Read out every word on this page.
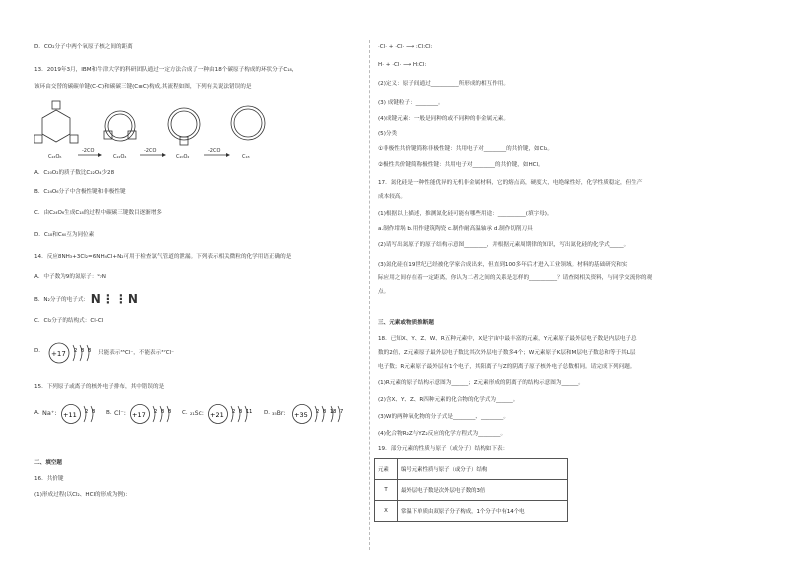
D．CO₂分子中两个氧原子核之间的距离
13．2019年3月，IBM和牛津大学的科研团队通过一定方法合成了一种由18个碳原子构成的环状分子C₁₈，
该环由交替的碳碳单键(C-C)和碳碳三键(C≡C)构成,其流程如图，下列有关说法错误的是
C₂₄O₆	C₂₂O₄	C₂₀O₂	C₁₈
-2CO	-2CO	-2CO
A．C₂₀O₂的质子数比C₂₂O₄少28
B．C₂₄O₆分子中含极性键和非极性键
C．由C₂₄O₆生成C₁₈的过程中碳碳三键数目逐渐增多
D．C₁₈和C₆₀互为同位素
14．反应8NH₃+3Cl₂=6NH₄Cl+N₂可用于检查氯气管道的泄漏。下列表示相关微粒的化学用语正确的是
A．中子数为9的氮原子：⁹₇N
B．N₂分子的电子式： N⋮⋮N
C．Cl₂分子的结构式：Cl-Cl
D． +17 2 8 8 只能表示³⁵Cl⁻，不能表示³⁷Cl⁻
15．下列原子或离子的核外电子排布，其中错误的是
A．
Na⁺: +11 2 8 B．
Cl⁻: +17 2 8 8 C．
₂₁Sc: +21 2 8 11 D．
₃₅Br: +35 2 8 18 7
二、填空题
16．共价键
(1)形成过程(以Cl₂、HCl的形成为例)：
·Cl· + ·Cl· ⟶ :Cl:Cl:
H· + ·Cl· ⟶ H:Cl:
(2)定义：原子间通过__________所形成的相互作用。
(3) 成键粒子：________。
(4)成键元素：一般是同种的或不同种的非金属元素。
(5)分类
①非极性共价键简称非极性键：共用电子对________的共价键，如Cl₂。
②极性共价键简称极性键：共用电子对________的共价键，如HCl。
17．氮化硅是一种性能优异的无机非金属材料，它的熔点高，硬度大，电绝缘性好，化学性质稳定，但生产
成本较高。
(1)根据以上描述，推测氮化硅可能有哪些用途：__________(填字母)。
a.制作坩埚 b.用作建筑陶瓷 c.制作耐高温轴承 d.制作切削刀具
(2)请写出氮原子的原子结构示意图________，并根据元素周期律的知识，写出氮化硅的化学式_____。
(3)氮化硅在19世纪已经被化学家合成出来，但直到100多年后才进入工业领域。材料的基础研究和实
际应用之间存在着一定距离，你认为二者之间的关系是怎样的__________？请查阅相关资料，与同学交流你的观
点。
三、元素或物质推断题
18．已知X、Y、Z、W、R五种元素中，X是宇宙中最丰富的元素，Y元素原子最外层电子数是内层电子总
数的2倍，Z元素原子最外层电子数比其次外层电子数多4个；W元素原子K层和M层电子数总和等于其L层
电子数；R元素原子最外层有1个电子，其阳离子与Z的阴离子原子核外电子总数相同。请完成下列问题。
(1)R元素的原子结构示意图为______；Z元素形成的阴离子的结构示意图为______。
(2)含X、Y、Z、R四种元素的化合物的化学式为______。
(3)W的两种氧化物的分子式是________、________。
(4)化合物R₂Z与YZ₂反应的化学方程式为________。
19．部分元素的性质与原子（或分子）结构如下表：
元素	编号元素性质与原子（或分子）结构
T	最外层电子数是次外层电子数的3倍
X	常温下单质由双原子分子构成，1个分子中有14个电
